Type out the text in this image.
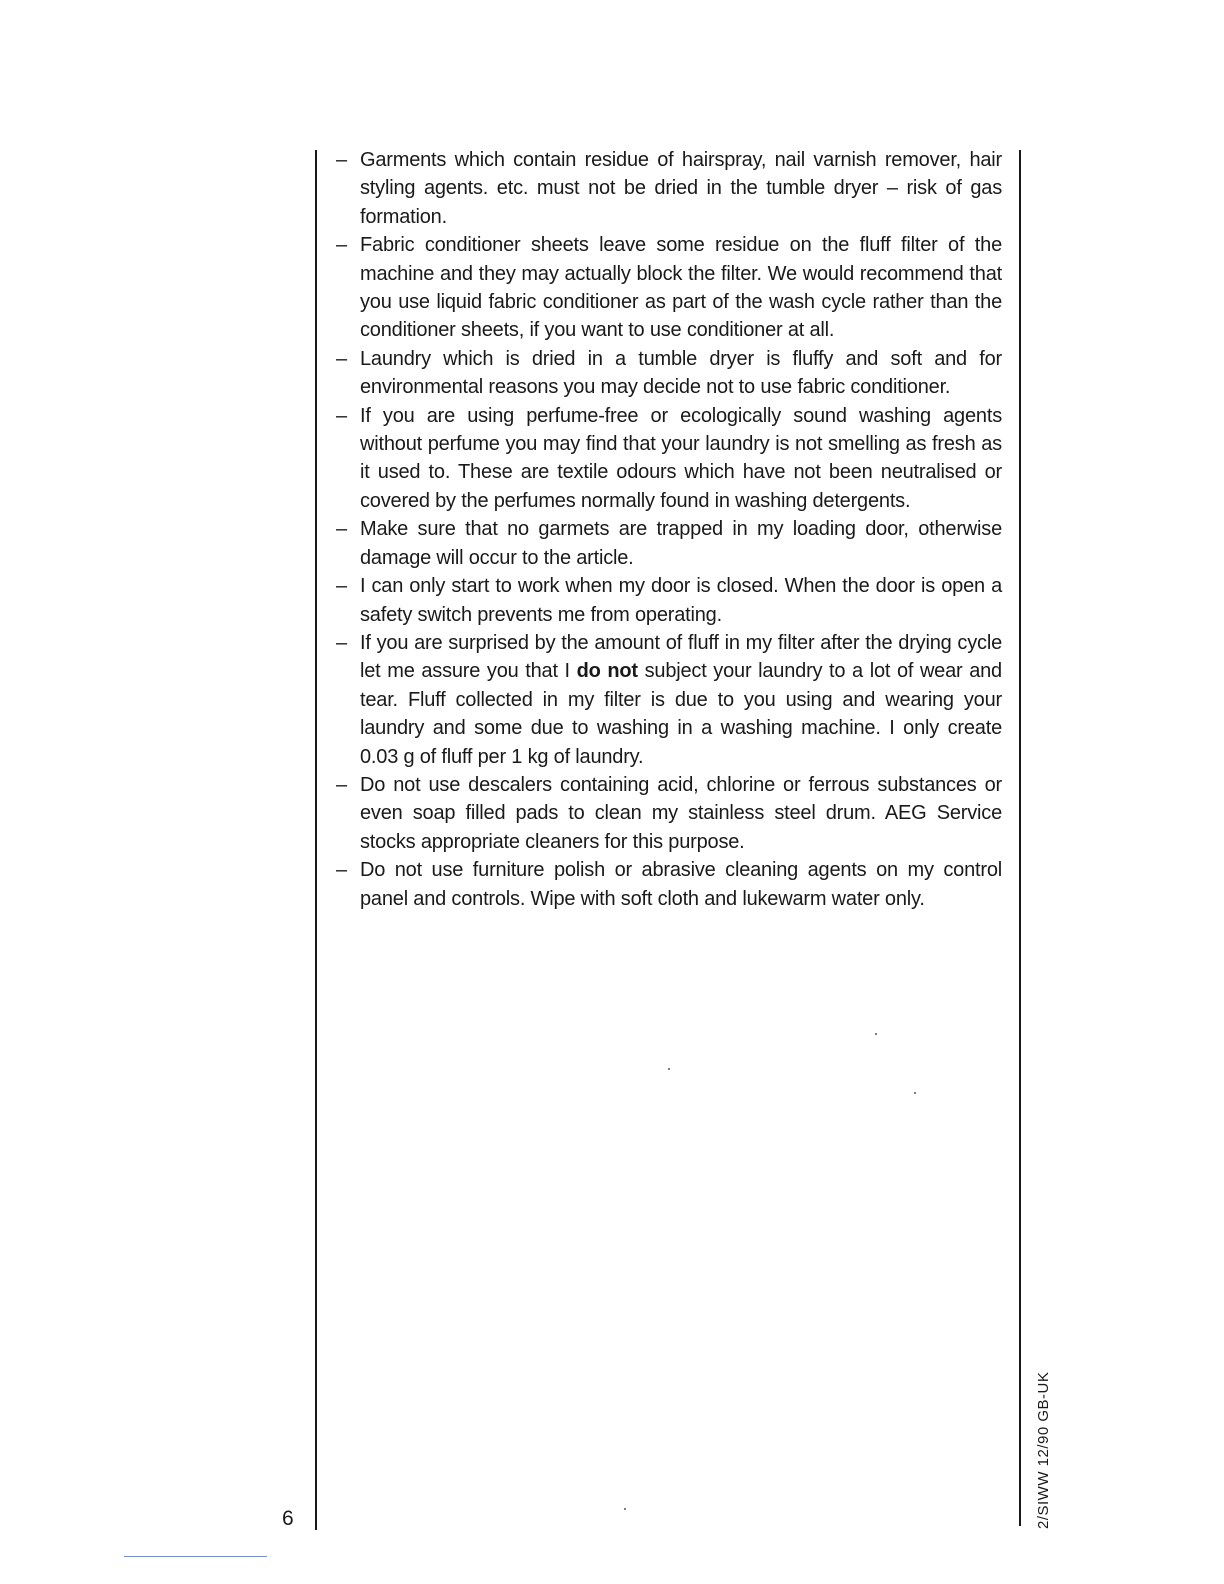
– Garments which contain residue of hairspray, nail varnish remover, hair styling agents. etc. must not be dried in the tumble dryer – risk of gas formation.
– Fabric conditioner sheets leave some residue on the fluff filter of the machine and they may actually block the filter. We would recommend that you use liquid fabric conditioner as part of the wash cycle rather than the conditioner sheets, if you want to use conditioner at all.
– Laundry which is dried in a tumble dryer is fluffy and soft and for environmental reasons you may decide not to use fabric conditioner.
– If you are using perfume-free or ecologically sound washing agents without perfume you may find that your laundry is not smelling as fresh as it used to. These are textile odours which have not been neutralised or covered by the perfumes normally found in washing detergents.
– Make sure that no garmets are trapped in my loading door, otherwise damage will occur to the article.
– I can only start to work when my door is closed. When the door is open a safety switch prevents me from operating.
– If you are surprised by the amount of fluff in my filter after the drying cycle let me assure you that I do not subject your laundry to a lot of wear and tear. Fluff collected in my filter is due to you using and wearing your laundry and some due to washing in a washing machine. I only create 0.03 g of fluff per 1 kg of laundry.
– Do not use descalers containing acid, chlorine or ferrous substances or even soap filled pads to clean my stainless steel drum. AEG Service stocks appropriate cleaners for this purpose.
– Do not use furniture polish or abrasive cleaning agents on my control panel and controls. Wipe with soft cloth and lukewarm water only.
6	2/SIWW 12/90 GB-UK
